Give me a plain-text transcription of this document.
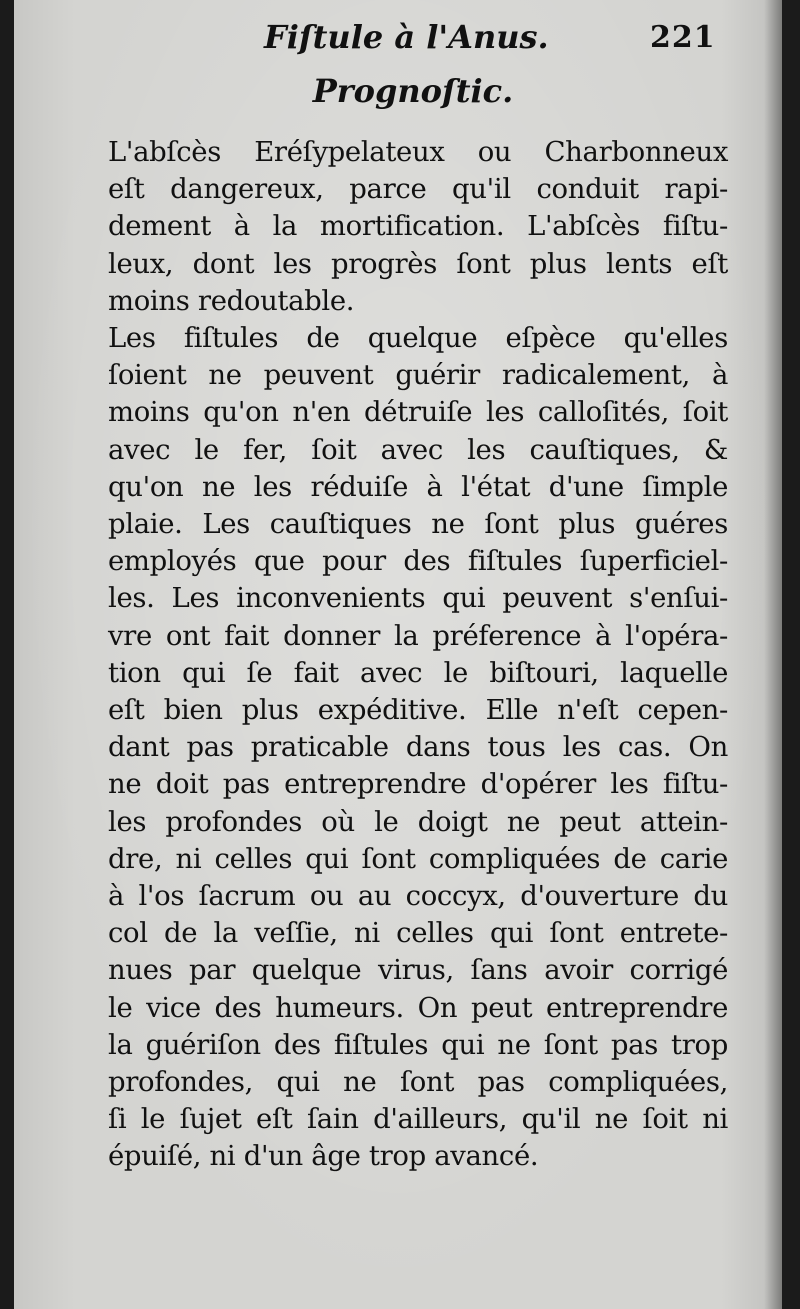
Fiſtule à l'Anus.	221
Prognoſtic.

L'abſcès Eréſypelateux ou Charbonneux
eſt dangereux, parce qu'il conduit rapi-
dement à la mortification. L'abſcès fiſtu-
leux, dont les progrès ſont plus lents eſt
moins redoutable.

Les fiſtules de quelque eſpèce qu'elles
ſoient ne peuvent guérir radicalement, à
moins qu'on n'en détruiſe les calloſités, ſoit
avec le fer, ſoit avec les cauſtiques, &
qu'on ne les réduiſe à l'état d'une ſimple
plaie. Les cauſtiques ne ſont plus guéres
employés que pour des fiſtules ſuperficiel-
les. Les inconvenients qui peuvent s'enſui-
vre ont fait donner la préference à l'opéra-
tion qui ſe fait avec le biſtouri, laquelle
eſt bien plus expéditive. Elle n'eſt cepen-
dant pas praticable dans tous les cas. On
ne doit pas entreprendre d'opérer les fiſtu-
les profondes où le doigt ne peut attein-
dre, ni celles qui ſont compliquées de carie
à l'os ſacrum ou au coccyx, d'ouverture du
col de la veſſie, ni celles qui ſont entrete-
nues par quelque virus, ſans avoir corrigé
le vice des humeurs. On peut entreprendre
la guériſon des fiſtules qui ne ſont pas trop
profondes, qui ne ſont pas compliquées,
ſi le ſujet eſt ſain d'ailleurs, qu'il ne ſoit ni
épuiſé, ni d'un âge trop avancé.
